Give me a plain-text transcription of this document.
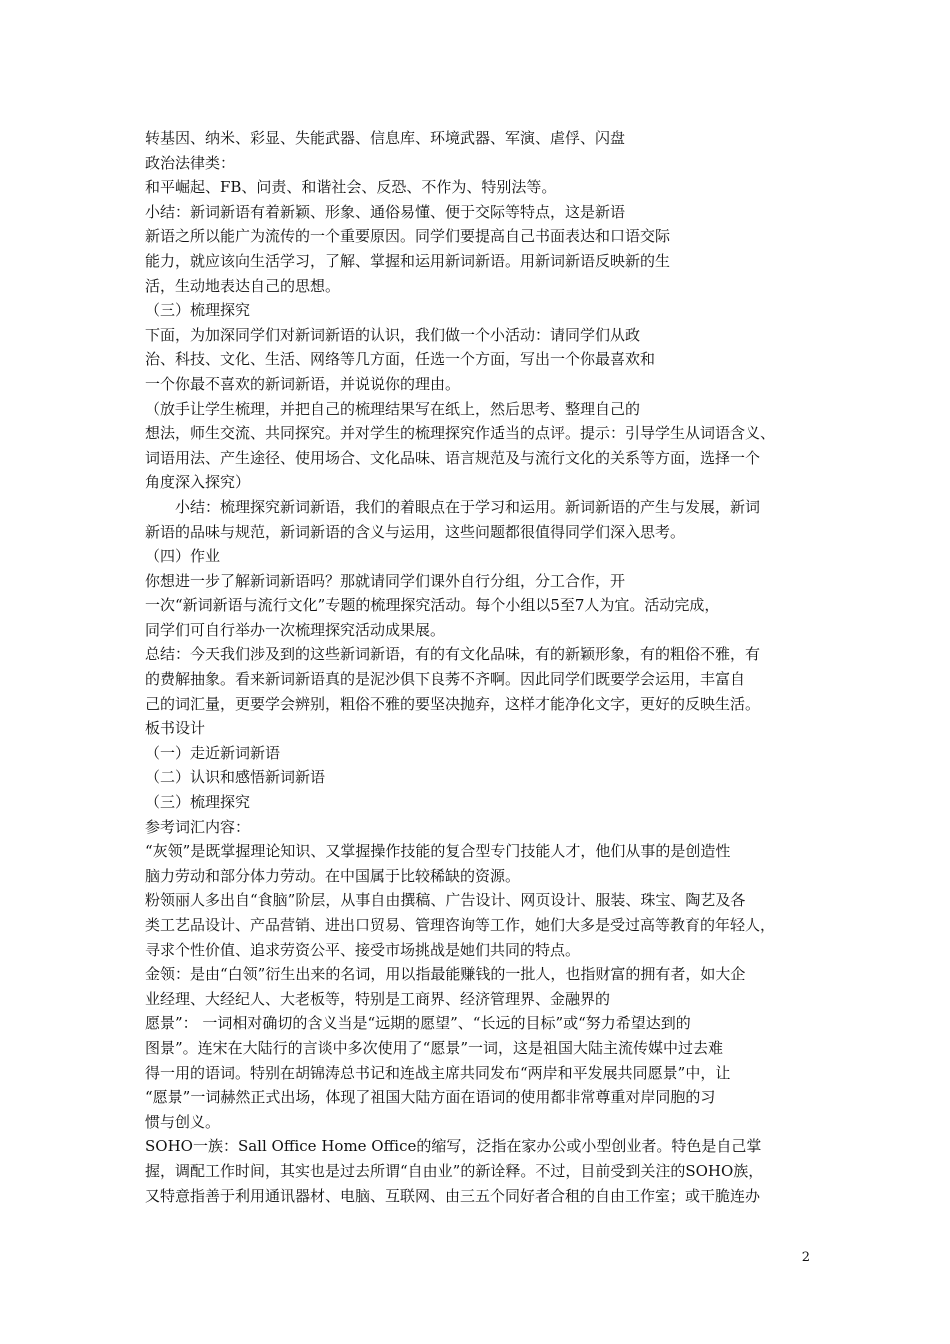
转基因、纳米、彩显、失能武器、信息库、环境武器、军演、虐俘、闪盘
政治法律类：
和平崛起、FB、问责、和谐社会、反恐、不作为、特别法等。
小结：新词新语有着新颖、形象、通俗易懂、便于交际等特点，这是新语
新语之所以能广为流传的一个重要原因。同学们要提高自己书面表达和口语交际
能力，就应该向生活学习，了解、掌握和运用新词新语。用新词新语反映新的生
活，生动地表达自己的思想。
（三）梳理探究
下面，为加深同学们对新词新语的认识，我们做一个小活动：请同学们从政
治、科技、文化、生活、网络等几方面，任选一个方面，写出一个你最喜欢和
一个你最不喜欢的新词新语，并说说你的理由。
（放手让学生梳理，并把自己的梳理结果写在纸上，然后思考、整理自己的
想法，师生交流、共同探究。并对学生的梳理探究作适当的点评。提示：引导学生从词语含义、
词语用法、产生途径、使用场合、文化品味、语言规范及与流行文化的关系等方面，选择一个
角度深入探究）
小结：梳理探究新词新语，我们的着眼点在于学习和运用。新词新语的产生与发展，新词
新语的品味与规范，新词新语的含义与运用，这些问题都很值得同学们深入思考。
（四）作业
你想进一步了解新词新语吗？那就请同学们课外自行分组，分工合作，开
一次“新词新语与流行文化”专题的梳理探究活动。每个小组以5至7人为宜。活动完成，
同学们可自行举办一次梳理探究活动成果展。
总结：今天我们涉及到的这些新词新语，有的有文化品味，有的新颖形象，有的粗俗不雅，有
的费解抽象。看来新词新语真的是泥沙俱下良莠不齐啊。因此同学们既要学会运用，丰富自
己的词汇量，更要学会辨别，粗俗不雅的要坚决抛弃，这样才能净化文字，更好的反映生活。
板书设计
（一）走近新词新语
（二）认识和感悟新词新语
（三）梳理探究
参考词汇内容：
“灰领”是既掌握理论知识、又掌握操作技能的复合型专门技能人才，他们从事的是创造性
脑力劳动和部分体力劳动。在中国属于比较稀缺的资源。
粉领丽人多出自“食脑”阶层，从事自由撰稿、广告设计、网页设计、服装、珠宝、陶艺及各
类工艺品设计、产品营销、进出口贸易、管理咨询等工作，她们大多是受过高等教育的年轻人，
寻求个性价值、追求劳资公平、接受市场挑战是她们共同的特点。
金领：是由“白领”衍生出来的名词，用以指最能赚钱的一批人，也指财富的拥有者，如大企
业经理、大经纪人、大老板等，特别是工商界、经济管理界、金融界的
愿景”： 一词相对确切的含义当是“远期的愿望”、“长远的目标”或“努力希望达到的
图景”。连宋在大陆行的言谈中多次使用了“愿景”一词，这是祖国大陆主流传媒中过去难
得一用的语词。特别在胡锦涛总书记和连战主席共同发布“两岸和平发展共同愿景”中，让
“愿景”一词赫然正式出场，体现了祖国大陆方面在语词的使用都非常尊重对岸同胞的习
惯与创义。
SOHO一族：Sall Office Home Office的缩写，泛指在家办公或小型创业者。特色是自己掌
握，调配工作时间，其实也是过去所谓“自由业”的新诠释。不过，目前受到关注的SOHO族，
又特意指善于利用通讯器材、电脑、互联网、由三五个同好者合租的自由工作室；或干脆连办
2
